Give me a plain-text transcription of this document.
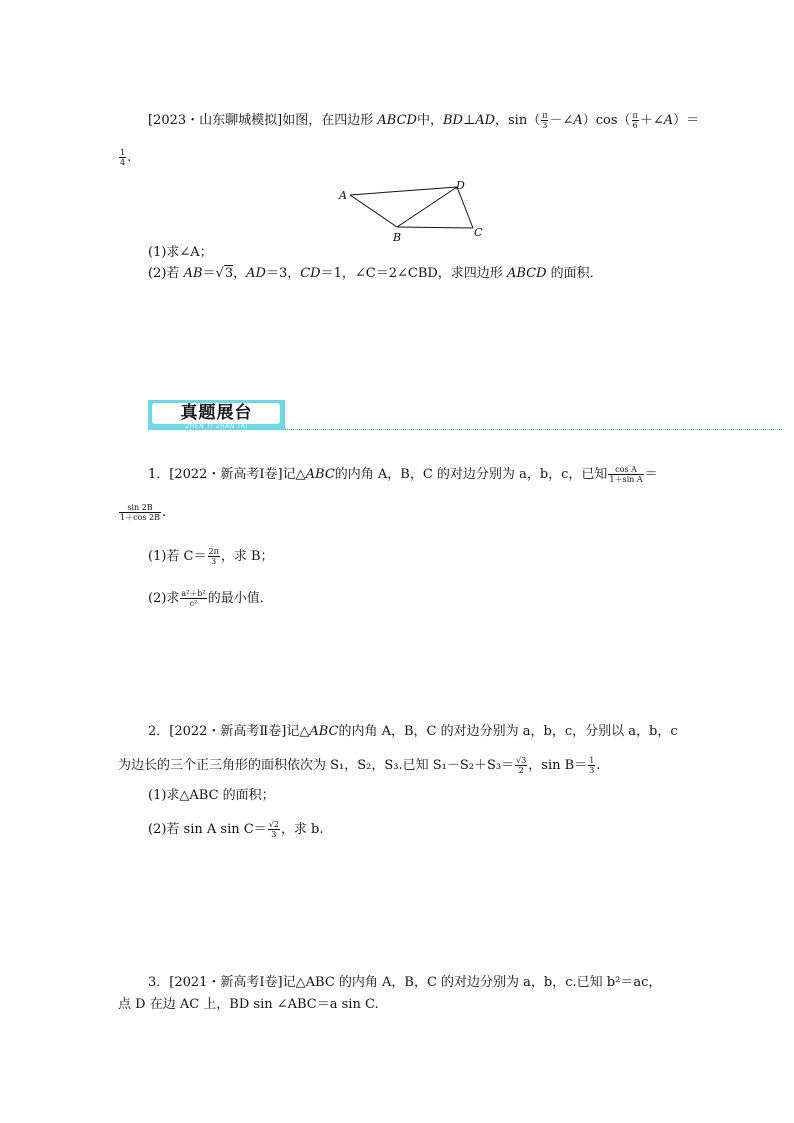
[2023・山东聊城模拟]如图，在四边形 ABCD中，BD⊥AD，$\sin( \frac{\pi}{3}$ －∠A）cos（ $\frac{\pi}{6}$ ＋∠A）＝
$\frac{1}{4}$ .
A
D
B	C
(1)求∠A；
(2)若 AB＝√3，AD＝3，CD＝1，∠C＝2∠CBD，求四边形 ABCD 的面积．
真题展台
ZHEN TI ZHAN TAI
1．[2022・新高考Ⅰ卷]记△ABC的内角 A，B，C 的对边分别为 a，b，c，已知 $\frac{\text{cos A}}{\text{1＋sin A}}$ ＝
$\frac{\sin 2B}{1+\cos 2B}$ .
(1)若 $C= \frac{2\pi}{3}$ ，求 B；
(2)求 $\frac{\text{a²＋b²}}{\text{c²}}$ 的最小值．
2．[2022・新高考Ⅱ卷]记△ABC的内角 A，B，C 的对边分别为 a，b，c，分别以 a，b，c
为边长的三个正三角形的面积依次为 S₁，S₂，S₃.已知 $S_1-S_2+S_3= \frac{√3}{2}$ ，$\sin B= \frac{1}{3}$ .
(1)求△ABC 的面积；
(2)若 sin A $\sin C= \frac{√2}{3}$ ，求 b.
3．[2021・新高考Ⅰ卷]记△ABC 的内角 A，B，C 的对边分别为 a，b，c.已知 b²＝ac，
点 D 在边 AC 上，BD sin ∠ABC＝a sin C.
